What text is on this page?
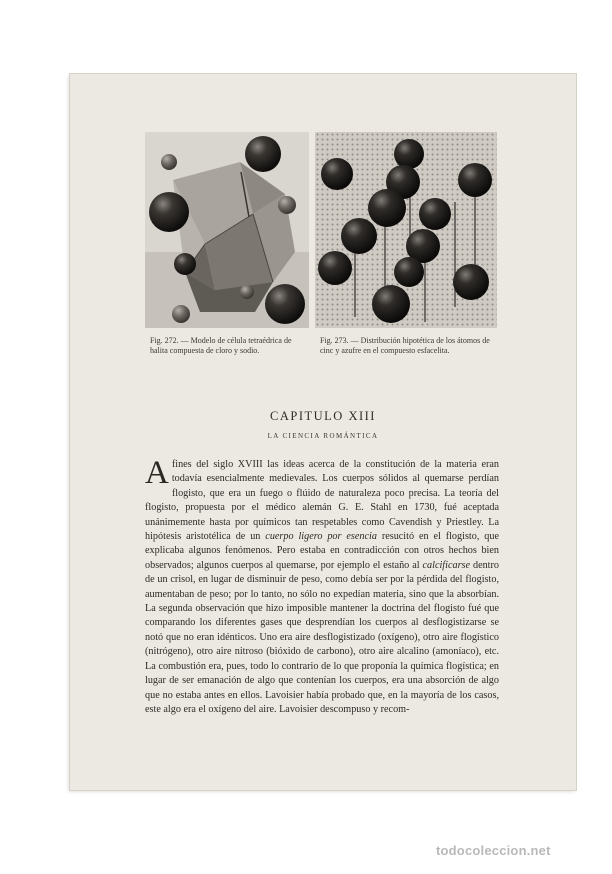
Fig. 272. — Modelo de célula tetraédrica de halita compuesta de cloro y sodio.
Fig. 273. — Distribución hipotética de los átomos de cinc y azufre en el compuesto esfacelita.
CAPITULO XIII
LA CIENCIA ROMÁNTICA

Afines del siglo XVIII las ideas acerca de la constitución de la materia eran todavía esencialmente medievales. Los cuerpos sólidos al quemarse perdían flogisto, que era un fuego o flúido de naturaleza poco precisa. La teoría del flogisto, propuesta por el médico alemán G. E. Stahl en 1730, fué aceptada unánimemente hasta por químicos tan respetables como Cavendish y Priestley. La hipótesis aristotélica de un cuerpo ligero por esencia resucitó en el flogisto, que explicaba algunos fenómenos. Pero estaba en contradicción con otros hechos bien observados; algunos cuerpos al quemarse, por ejemplo el estaño al calcificarse dentro de un crisol, en lugar de disminuir de peso, como debía ser por la pérdida del flogisto, aumentaban de peso; por lo tanto, no sólo no expedían materia, sino que la absorbían. La segunda observación que hizo imposible mantener la doctrina del flogisto fué que comparando los diferentes gases que desprendían los cuerpos al desflogistizarse se notó que no eran idénticos. Uno era aire desflogistizado (oxígeno), otro aire flogístico (nitrógeno), otro aire nitroso (bióxido de carbono), otro aire alcalino (amoníaco), etc. La combustión era, pues, todo lo contrario de lo que proponía la química flogística; en lugar de ser emanación de algo que contenían los cuerpos, era una absorción de algo que no estaba antes en ellos. Lavoisier había probado que, en la mayoría de los casos, este algo era el oxígeno del aire. Lavoisier descompuso y recom-

todocoleccion.net
